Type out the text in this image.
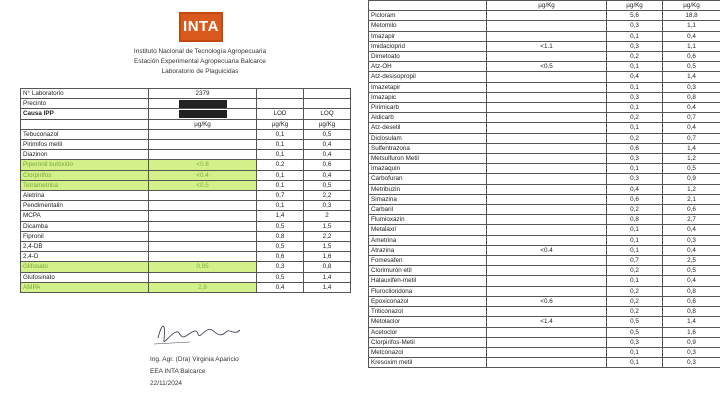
INTA
Instituto Nacional de Tecnología Agropecuaria
Estación Experimental Agropecuaria Balcarce
Laboratorio de Plaguicidas
N° Laboratorio	2379		
Precinto			
Causa IPP		LOD	LOQ
	µg/Kg	µg/Kg	µg/Kg
Tebuconazol		0,1	0,5
Pirimifos metil		0,1	0,4
Diazinon		0,1	0,4
Piperonil butóxido	<0.6	0,2	0,6
Clorpirifos	<0.4	0,1	0,4
Tetrametrina	<0.5	0,1	0,5
Aletrina		0,7	2,2
Pendimentalin		0,1	0,3
MCPA		1,4	2
Dicamba		0,5	1,5
Fipronil		0,8	2,2
2,4-DB		0,5	1,5
2,4-D		0,6	1,6
Glifosato	0,95	0,3	0,8
Glufosinato		0,5	1,4
AMPA	2,8	0,4	1,4
Ing. Agr. (Dra) Virginia Aparicio
EEA INTA Balcarce
22/11/2024
	µg/Kg	µg/Kg	µg/Kg
Picloram		5,6	18,8
Metomilo		0,3	1,1
Imazapir		0,1	0,4
Imidacloprid	<1.1	0,3	1,1
Dimetoato		0,2	0,6
Atz-OH	<0.5	0,1	0,5
Atz-desisopropil		0,4	1,4
Imazetapir		0,1	0,3
Imazapic		0,3	0,8
Pirimicarb		0,1	0,4
Aldicarb		0,2	0,7
Atz-desetil		0,1	0,4
Diclosulam		0,2	0,7
Sulfentrazona		0,6	1,4
Metsulfuron Metil		0,3	1,2
Imazaquin		0,1	0,5
Carbofuran		0,3	0,9
Metribuzin		0,4	1,2
Simazina		0,6	2,1
Carbaril		0,2	0,6
Flumioxazin		0,8	2,7
Metalaxil		0,1	0,4
Ametrina		0,1	0,3
Atrazina	<0.4	0,1	0,4
Fomesafen		0,7	2,5
Clorimurón etil		0,2	0,5
Halauxifen-metil		0,1	0,4
Fluroclioridona		0,2	0,8
Epoxiconazol	<0.6	0,2	0,6
Triticonazol		0,2	0,8
Metolaclor	<1.4	0,5	1,4
Acetoclor		0,5	1,6
Clorpirifos-Metil		0,3	0,9
Metconazol		0,1	0,3
Kresoxim metil		0,1	0,3
